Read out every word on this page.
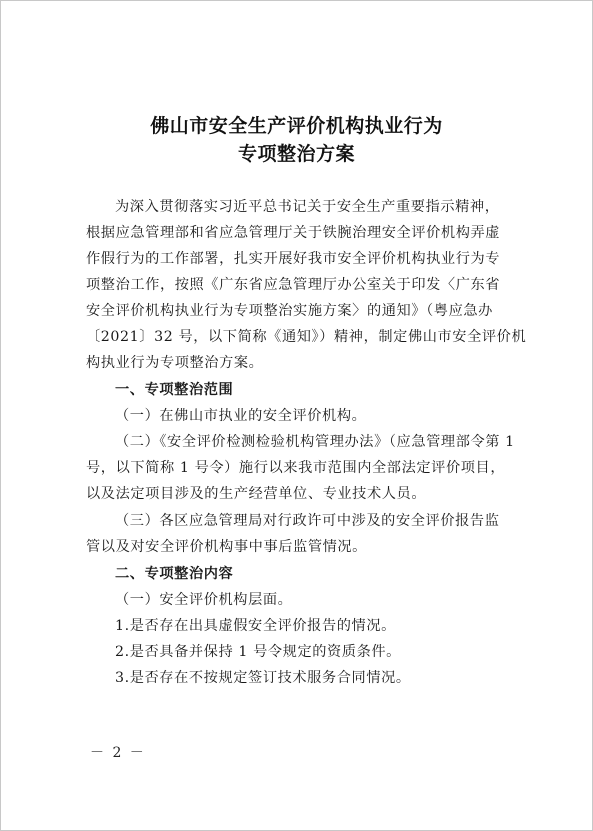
佛山市安全生产评价机构执业行为
专项整治方案
为深入贯彻落实习近平总书记关于安全生产重要指示精神，
根据应急管理部和省应急管理厅关于铁腕治理安全评价机构弄虚
作假行为的工作部署，扎实开展好我市安全评价机构执业行为专
项整治工作，按照《广东省应急管理厅办公室关于印发〈广东省
安全评价机构执业行为专项整治实施方案〉的通知》（粤应急办
〔2021〕32 号，以下简称《通知》）精神，制定佛山市安全评价机
构执业行为专项整治方案。
一、专项整治范围
（一）在佛山市执业的安全评价机构。
（二）《安全评价检测检验机构管理办法》（应急管理部令第 1
号，以下简称 1 号令）施行以来我市范围内全部法定评价项目，
以及法定项目涉及的生产经营单位、专业技术人员。
（三）各区应急管理局对行政许可中涉及的安全评价报告监
管以及对安全评价机构事中事后监管情况。
二、专项整治内容
（一）安全评价机构层面。
1.是否存在出具虚假安全评价报告的情况。
2.是否具备并保持 1 号令规定的资质条件。
3.是否存在不按规定签订技术服务合同情况。
－ 2 －
